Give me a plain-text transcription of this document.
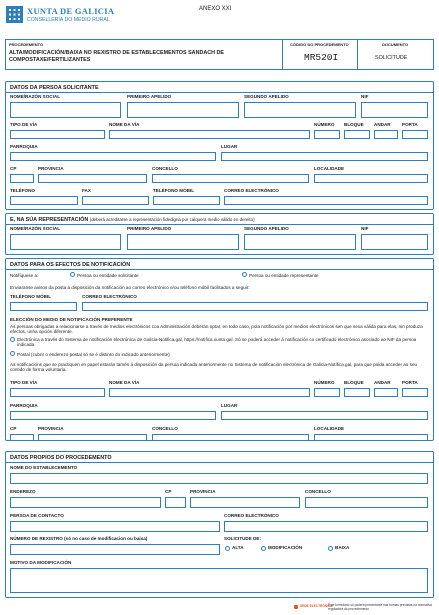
XUNTA DE GALICIA
CONSELLERÍA DO MEDIO RURAL
ANEXO XXI
PROCEDEMENTO
ALTA/MODIFICACIÓN/BAIXA NO REXISTRO DE ESTABLECEMENTOS SANDACH DE COMPOSTAXE/FERTILIZANTES
CÓDIGO DO PROCEDEMENTO
MR520I
DOCUMENTO
SOLICITUDE
DATOS DA PERSOA SOLICITANTE
NOME/RAZÓN SOCIAL	PRIMEIRO APELIDO	SEGUNDO APELIDO	NIF
TIPO DE VÍA	NOME DA VÍA	NÚMERO BLOQUE ANDAR PORTA
PARROQUIA	LUGAR
CP	PROVINCIA	CONCELLO	LOCALIDADE
TELÉFONO	FAX	TELÉFONO MÓBIL	CORREO ELECTRÓNICO
E, NA SÚA REPRESENTACIÓN (deberá acreditarse a representación fidedigna por calquera medio válido en dereito)
NOME/RAZÓN SOCIAL	PRIMEIRO APELIDO	SEGUNDO APELIDO	NIF
DATOS PARA OS EFECTOS DE NOTIFICACIÓN
Notifíquese a:	Persoa ou entidade solicitante	Persoa ou entidade representante
Enviaranse avisos da posta á disposición da notificación ao correo electrónico e/ou teléfono móbil facilitados a seguir:
TELÉFONO MÓBIL	CORREO ELECTRÓNICO
ELECCIÓN DO MEDIO DE NOTIFICACIÓN PREFERENTE
As persoas obrigadas a relacionarse a través de medios electrónicos coa Administración deberán optar, en todo caso, pola notificación por medios electrónicos sen que sexa válida para elas, nin produza efectos, unha opción diferente.
Electrónica a través do Sistema de notificación electrónica de Galicia-Notifica.gal, https://notifica.xunta.gal. Só se poderá acceder á notificación co certificado electrónico asociado ao NIF da persoa indicada.
Postal (cubrir o enderezo postal só se é distinto do indicado anteriormente)
As notificacións que se practiquen en papel estarán tamén á disposición da persoa indicada anteriormente no Sistema de notificación electrónica de Galicia-Notifica.gal, para que poida acceder ao seu contido de forma voluntaria.
TIPO DE VÍA	NOME DA VÍA	NÚMERO BLOQUE ANDAR PORTA
PARROQUIA	LUGAR
CP	PROVINCIA	CONCELLO	LOCALIDADE
DATOS PROPIOS DO PROCEDEMENTO
NOME DO ESTABLECEMENTO
ENDEREZO	CP	PROVINCIA	CONCELLO
PERSOA DE CONTACTO	CORREO ELECTRÓNICO
NÚMERO DE REXISTRO (só no caso de modificacion ou baixa)	SOLICITUDE DE:
ALTA	MODIFICACIÓN	BAIXA
MOTIVO DA MODIFICACIÓN
SEDE ELECTRÓNICA
Este formulario só poderá presentarse nas formas previstas na normativa reguladora do procedemento
